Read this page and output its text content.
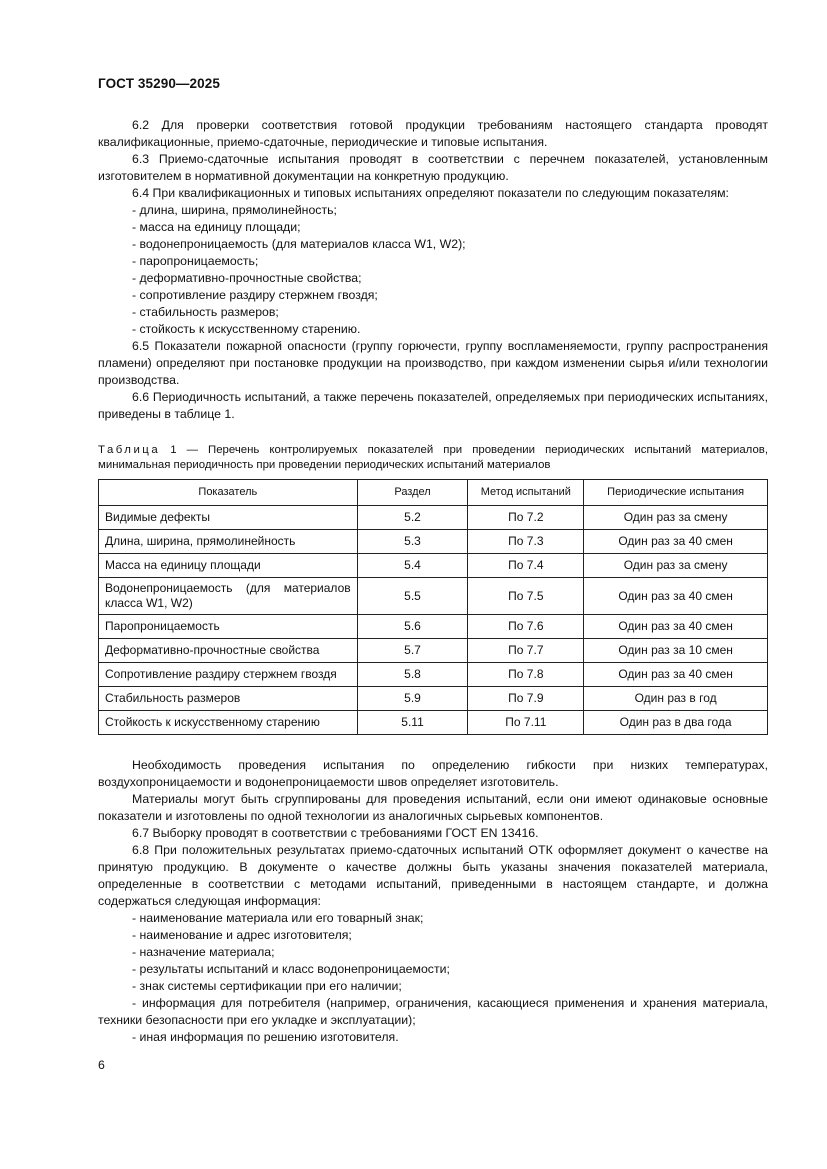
ГОСТ 35290—2025

6.2 Для проверки соответствия готовой продукции требованиям настоящего стандарта проводят квалификационные, приемо-сдаточные, периодические и типовые испытания.

6.3 Приемо-сдаточные испытания проводят в соответствии с перечнем показателей, установленным изготовителем в нормативной документации на конкретную продукцию.

6.4 При квалификационных и типовых испытаниях определяют показатели по следующим показателям:

- длина, ширина, прямолинейность;

- масса на единицу площади;

- водонепроницаемость (для материалов класса W1, W2);

- паропроницаемость;

- деформативно-прочностные свойства;

- сопротивление раздиру стержнем гвоздя;

- стабильность размеров;

- стойкость к искусственному старению.

6.5 Показатели пожарной опасности (группу горючести, группу воспламеняемости, группу распространения пламени) определяют при постановке продукции на производство, при каждом изменении сырья и/или технологии производства.

6.6 Периодичность испытаний, а также перечень показателей, определяемых при периодических испытаниях, приведены в таблице 1.

Таблица 1 — Перечень контролируемых показателей при проведении периодических испытаний материалов, минимальная периодичность при проведении периодических испытаний материалов
Показатель	Раздел	Метод испытаний	Периодические испытания
Видимые дефекты	5.2	По 7.2	Один раз за смену
Длина, ширина, прямолинейность	5.3	По 7.3	Один раз за 40 смен
Масса на единицу площади	5.4	По 7.4	Один раз за смену
Водонепроницаемость (для материалов класса W1, W2)	5.5	По 7.5	Один раз за 40 смен
Паропроницаемость	5.6	По 7.6	Один раз за 40 смен
Деформативно-прочностные свойства	5.7	По 7.7	Один раз за 10 смен
Сопротивление раздиру стержнем гвоздя	5.8	По 7.8	Один раз за 40 смен
Стабильность размеров	5.9	По 7.9	Один раз в год
Стойкость к искусственному старению	5.11	По 7.11	Один раз в два года

Необходимость проведения испытания по определению гибкости при низких температурах, воздухопроницаемости и водонепроницаемости швов определяет изготовитель.

Материалы могут быть сгруппированы для проведения испытаний, если они имеют одинаковые основные показатели и изготовлены по одной технологии из аналогичных сырьевых компонентов.

6.7 Выборку проводят в соответствии с требованиями ГОСТ EN 13416.

6.8 При положительных результатах приемо-сдаточных испытаний ОТК оформляет документ о качестве на принятую продукцию. В документе о качестве должны быть указаны значения показателей материала, определенные в соответствии с методами испытаний, приведенными в настоящем стандарте, и должна содержаться следующая информация:

- наименование материала или его товарный знак;

- наименование и адрес изготовителя;

- назначение материала;

- результаты испытаний и класс водонепроницаемости;

- знак системы сертификации при его наличии;

- информация для потребителя (например, ограничения, касающиеся применения и хранения материала, техники безопасности при его укладке и эксплуатации);

- иная информация по решению изготовителя.

6
